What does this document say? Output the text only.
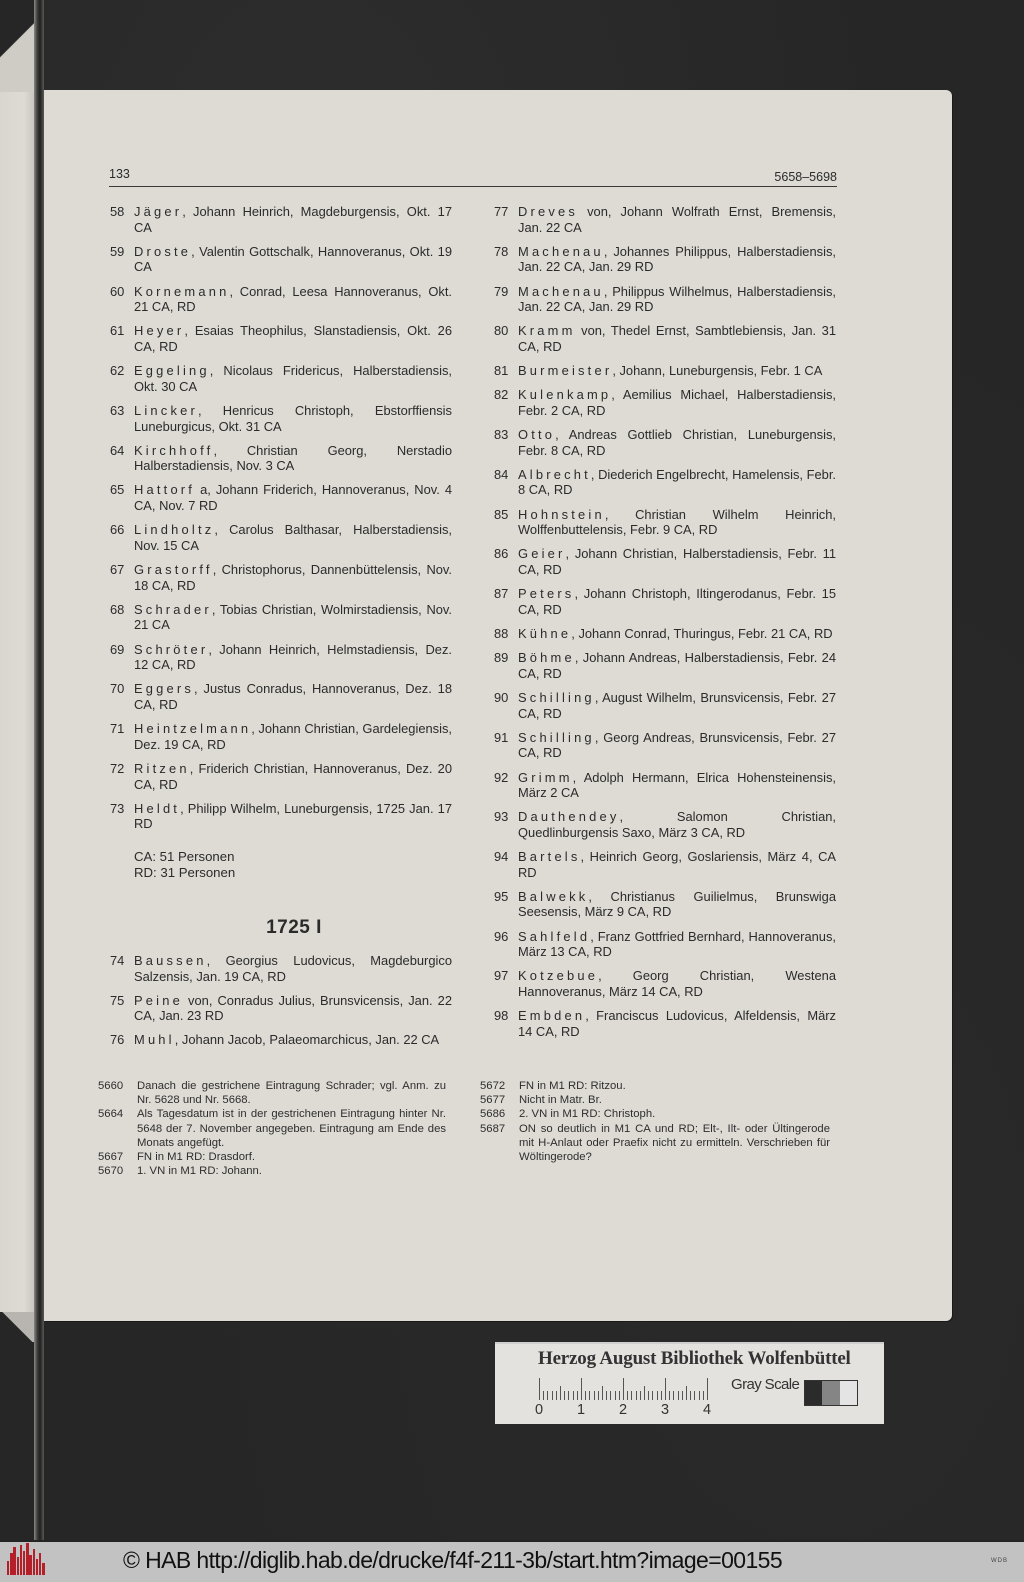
133	5658–5698
58 Jäger, Johann Heinrich, Magdeburgensis, Okt. 17 CA
59 Droste, Valentin Gottschalk, Hannoveranus, Okt. 19 CA
60 Kornemann, Conrad, Leesa Hannoveranus, Okt. 21 CA, RD
61 Heyer, Esaias Theophilus, Slanstadiensis, Okt. 26 CA, RD
62 Eggeling, Nicolaus Fridericus, Halberstadiensis, Okt. 30 CA
63 Lincker, Henricus Christoph, Ebstorffiensis Luneburgicus, Okt. 31 CA
64 Kirchhoff, Christian Georg, Nerstadio Halberstadiensis, Nov. 3 CA
65 Hattorf a, Johann Friderich, Hannoveranus, Nov. 4 CA, Nov. 7 RD
66 Lindholtz, Carolus Balthasar, Halberstadiensis, Nov. 15 CA
67 Grastorff, Christophorus, Dannenbüttelensis, Nov. 18 CA, RD
68 Schrader, Tobias Christian, Wolmirstadiensis, Nov. 21 CA
69 Schröter, Johann Heinrich, Helmstadiensis, Dez. 12 CA, RD
70 Eggers, Justus Conradus, Hannoveranus, Dez. 18 CA, RD
71 Heintzelmann, Johann Christian, Gardelegiensis, Dez. 19 CA, RD
72 Ritzen, Friderich Christian, Hannoveranus, Dez. 20 CA, RD
73 Heldt, Philipp Wilhelm, Luneburgensis, 1725 Jan. 17 RD
CA: 51 Personen
RD: 31 Personen
1725 I
74 Baussen, Georgius Ludovicus, Magdeburgico Salzensis, Jan. 19 CA, RD
75 Peine von, Conradus Julius, Brunsvicensis, Jan. 22 CA, Jan. 23 RD
76 Muhl, Johann Jacob, Palaeomarchicus, Jan. 22 CA
77 Dreves von, Johann Wolfrath Ernst, Bremensis, Jan. 22 CA
78 Machenau, Johannes Philippus, Halberstadiensis, Jan. 22 CA, Jan. 29 RD
79 Machenau, Philippus Wilhelmus, Halberstadiensis, Jan. 22 CA, Jan. 29 RD
80 Kramm von, Thedel Ernst, Sambtlebiensis, Jan. 31 CA, RD
81 Burmeister, Johann, Luneburgensis, Febr. 1 CA
82 Kulenkamp, Aemilius Michael, Halberstadiensis, Febr. 2 CA, RD
83 Otto, Andreas Gottlieb Christian, Luneburgensis, Febr. 8 CA, RD
84 Albrecht, Diederich Engelbrecht, Hamelensis, Febr. 8 CA, RD
85 Hohnstein, Christian Wilhelm Heinrich, Wolffenbuttelensis, Febr. 9 CA, RD
86 Geier, Johann Christian, Halberstadiensis, Febr. 11 CA, RD
87 Peters, Johann Christoph, Iltingerodanus, Febr. 15 CA, RD
88 Kühne, Johann Conrad, Thuringus, Febr. 21 CA, RD
89 Böhme, Johann Andreas, Halberstadiensis, Febr. 24 CA, RD
90 Schilling, August Wilhelm, Brunsvicensis, Febr. 27 CA, RD
91 Schilling, Georg Andreas, Brunsvicensis, Febr. 27 CA, RD
92 Grimm, Adolph Hermann, Elrica Hohensteinensis, März 2 CA
93 Dauthendey, Salomon Christian, Quedlinburgensis Saxo, März 3 CA, RD
94 Bartels, Heinrich Georg, Goslariensis, März 4, CA RD
95 Balwekk, Christianus Guilielmus, Brunswiga Seesensis, März 9 CA, RD
96 Sahlfeld, Franz Gottfried Bernhard, Hannoveranus, März 13 CA, RD
97 Kotzebue, Georg Christian, Westena Hannoveranus, März 14 CA, RD
98 Embden, Franciscus Ludovicus, Alfeldensis, März 14 CA, RD
5660 Danach die gestrichene Eintragung Schrader; vgl. Anm. zu Nr. 5628 und Nr. 5668.
5664 Als Tagesdatum ist in der gestrichenen Eintragung hinter Nr. 5648 der 7. November angegeben. Eintragung am Ende des Monats angefügt.
5667 FN in M1 RD: Drasdorf.
5670 1. VN in M1 RD: Johann.
5672 FN in M1 RD: Ritzou.
5677 Nicht in Matr. Br.
5686 2. VN in M1 RD: Christoph.
5687 ON so deutlich in M1 CA und RD; Elt-, Ilt- oder Ültingerode mit H-Anlaut oder Praefix nicht zu ermitteln. Verschrieben für Wöltingerode?
Herzog August Bibliothek Wolfenbüttel
0 1 2 3 4
Gray Scale
© HAB http://diglib.hab.de/drucke/f4f-211-3b/start.htm?image=00155	WDB
